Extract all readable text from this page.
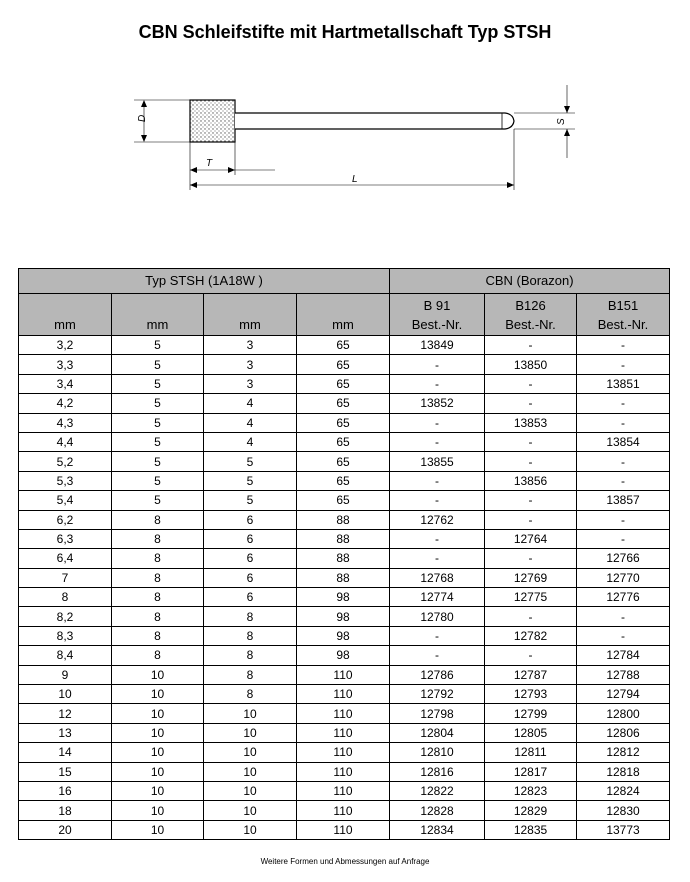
CBN Schleifstifte mit Hartmetallschaft Typ STSH
D	S
T
L
Typ STSH (1A18W )				CBN (Borazon)		
				B 91	B126	B151
mm	mm	mm	mm	Best.-Nr.	Best.-Nr.	Best.-Nr.
3,2	5	3	65	13849	-	-
3,3	5	3	65	-	13850	-
3,4	5	3	65	-	-	13851
4,2	5	4	65	13852	-	-
4,3	5	4	65	-	13853	-
4,4	5	4	65	-	-	13854
5,2	5	5	65	13855	-	-
5,3	5	5	65	-	13856	-
5,4	5	5	65	-	-	13857
6,2	8	6	88	12762	-	-
6,3	8	6	88	-	12764	-
6,4	8	6	88	-	-	12766
7	8	6	88	12768	12769	12770
8	8	6	98	12774	12775	12776
8,2	8	8	98	12780	-	-
8,3	8	8	98	-	12782	-
8,4	8	8	98	-	-	12784
9	10	8	110	12786	12787	12788
10	10	8	110	12792	12793	12794
12	10	10	110	12798	12799	12800
13	10	10	110	12804	12805	12806
14	10	10	110	12810	12811	12812
15	10	10	110	12816	12817	12818
16	10	10	110	12822	12823	12824
18	10	10	110	12828	12829	12830
20	10	10	110	12834	12835	13773
Weitere Formen und Abmessungen auf Anfrage
